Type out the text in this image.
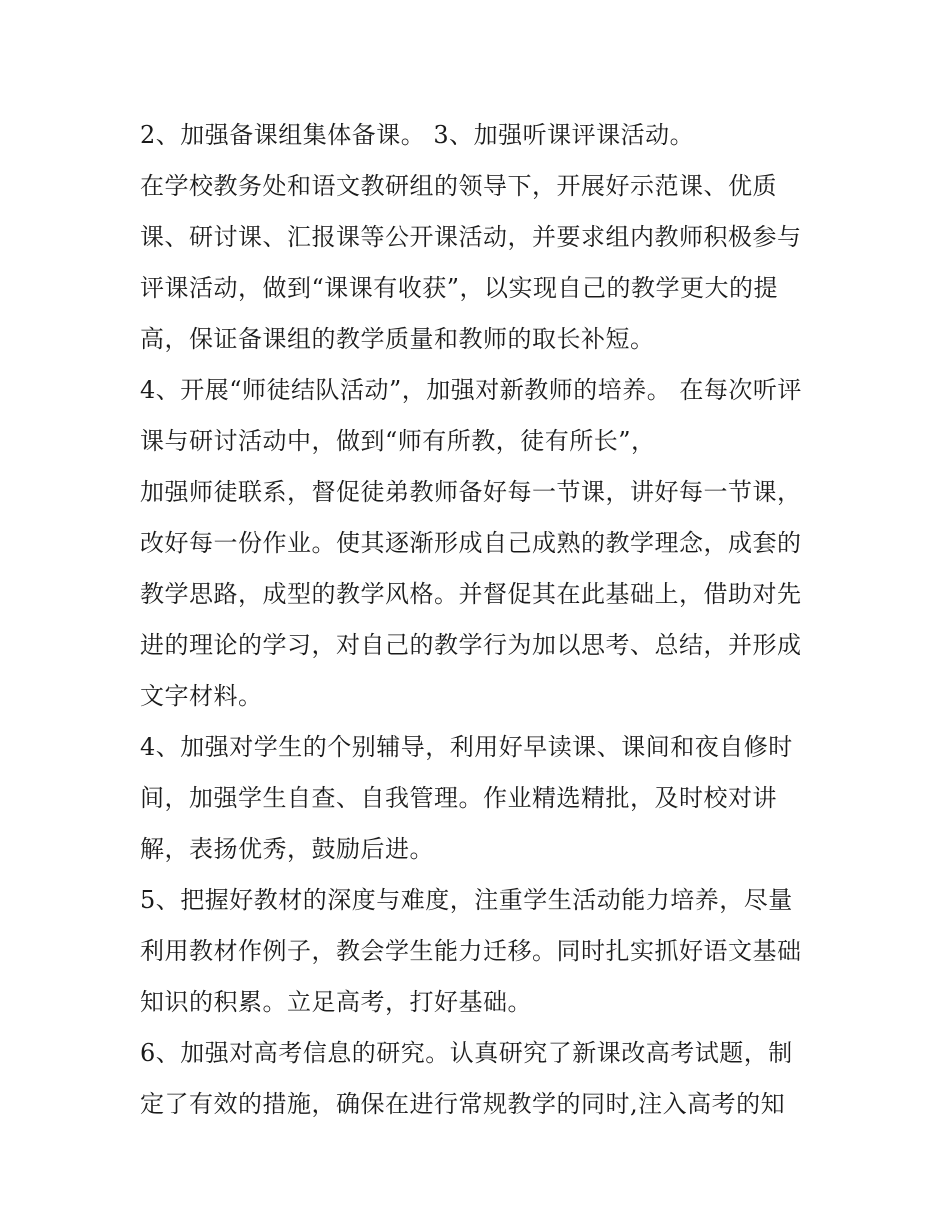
2、加强备课组集体备课。 3、加强听课评课活动。
在学校教务处和语文教研组的领导下，开展好示范课、优质
课、研讨课、汇报课等公开课活动，并要求组内教师积极参与
评课活动，做到“课课有收获”，以实现自己的教学更大的提
高，保证备课组的教学质量和教师的取长补短。
4、开展“师徒结队活动”，加强对新教师的培养。 在每次听评
课与研讨活动中，做到“师有所教，徒有所长”，
加强师徒联系，督促徒弟教师备好每一节课，讲好每一节课，
改好每一份作业。使其逐渐形成自己成熟的教学理念，成套的
教学思路，成型的教学风格。并督促其在此基础上，借助对先
进的理论的学习，对自己的教学行为加以思考、总结，并形成
文字材料。
4、加强对学生的个别辅导，利用好早读课、课间和夜自修时
间，加强学生自查、自我管理。作业精选精批，及时校对讲
解，表扬优秀，鼓励后进。
5、把握好教材的深度与难度，注重学生活动能力培养，尽量
利用教材作例子，教会学生能力迁移。同时扎实抓好语文基础
知识的积累。立足高考，打好基础。
6、加强对高考信息的研究。认真研究了新课改高考试题，制
定了有效的措施，确保在进行常规教学的同时,注入高考的知
